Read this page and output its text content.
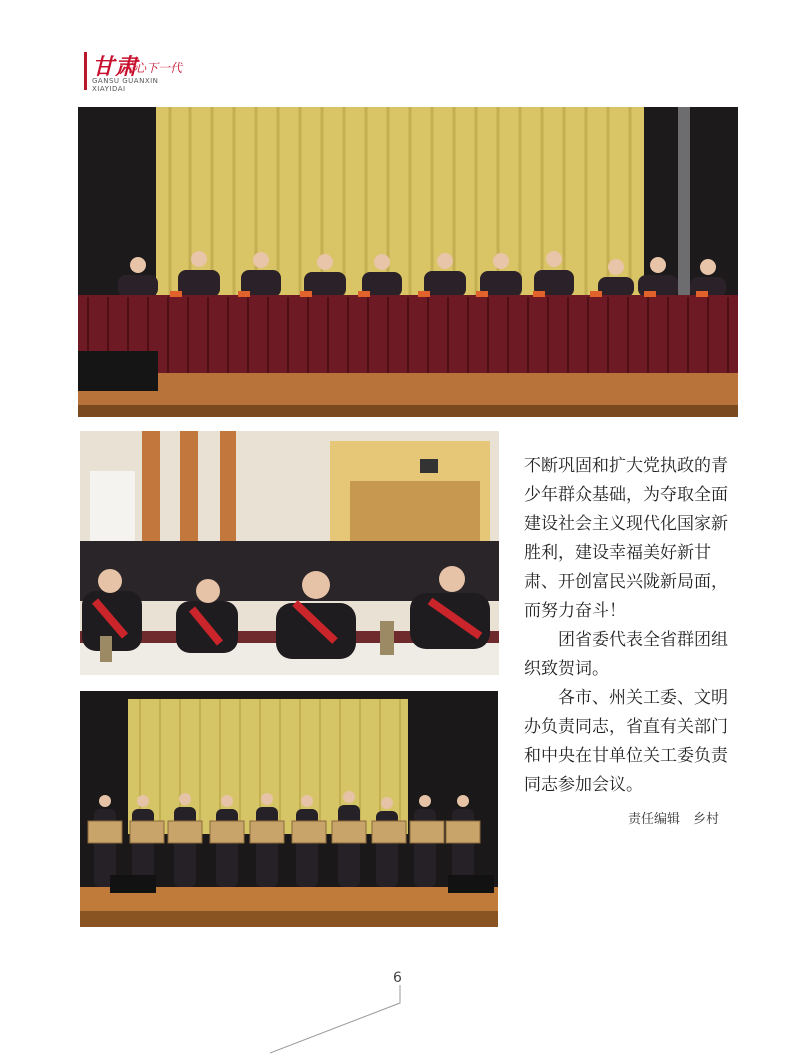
甘肃
关心下一代
GANSU GUANXIN
XIAYIDAI

不断巩固和扩大党执政的青少年群众基础，为夺取全面建设社会主义现代化国家新胜利，建设幸福美好新甘肃、开创富民兴陇新局面，而努力奋斗！

团省委代表全省群团组织致贺词。

各市、州关工委、文明办负责同志，省直有关部门和中央在甘单位关工委负责同志参加会议。

责任编辑　乡村
6
